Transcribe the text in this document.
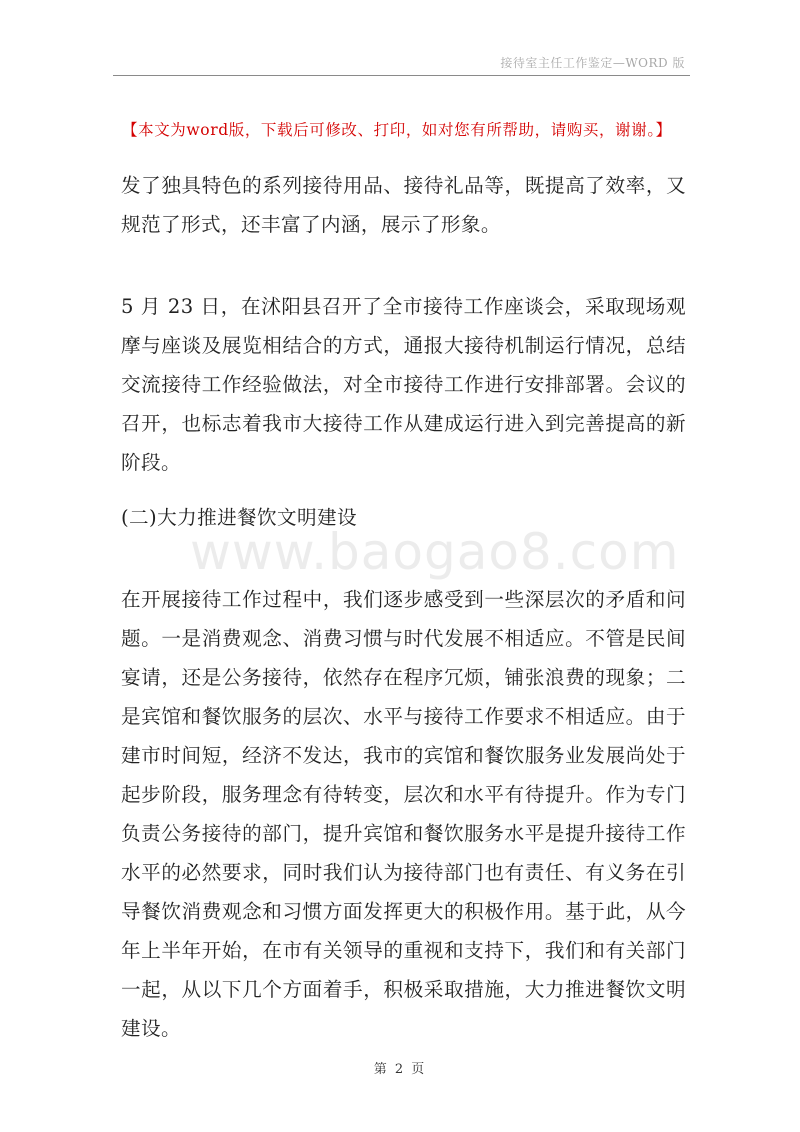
接待室主任工作鉴定—WORD 版
【本文为word版，下载后可修改、打印，如对您有所帮助，请购买，谢谢。】

发了独具特色的系列接待用品、接待礼品等，既提高了效率，又规范了形式，还丰富了内涵，展示了形象。

5 月 23 日，在沭阳县召开了全市接待工作座谈会，采取现场观摩与座谈及展览相结合的方式，通报大接待机制运行情况，总结交流接待工作经验做法，对全市接待工作进行安排部署。会议的召开，也标志着我市大接待工作从建成运行进入到完善提高的新阶段。

(二)大力推进餐饮文明建设

www.baogao8.com

在开展接待工作过程中，我们逐步感受到一些深层次的矛盾和问题。一是消费观念、消费习惯与时代发展不相适应。不管是民间宴请，还是公务接待，依然存在程序冗烦，铺张浪费的现象；二是宾馆和餐饮服务的层次、水平与接待工作要求不相适应。由于建市时间短，经济不发达，我市的宾馆和餐饮服务业发展尚处于起步阶段，服务理念有待转变，层次和水平有待提升。作为专门负责公务接待的部门，提升宾馆和餐饮服务水平是提升接待工作水平的必然要求，同时我们认为接待部门也有责任、有义务在引导餐饮消费观念和习惯方面发挥更大的积极作用。基于此，从今年上半年开始，在市有关领导的重视和支持下，我们和有关部门一起，从以下几个方面着手，积极采取措施，大力推进餐饮文明建设。

第 2 页
